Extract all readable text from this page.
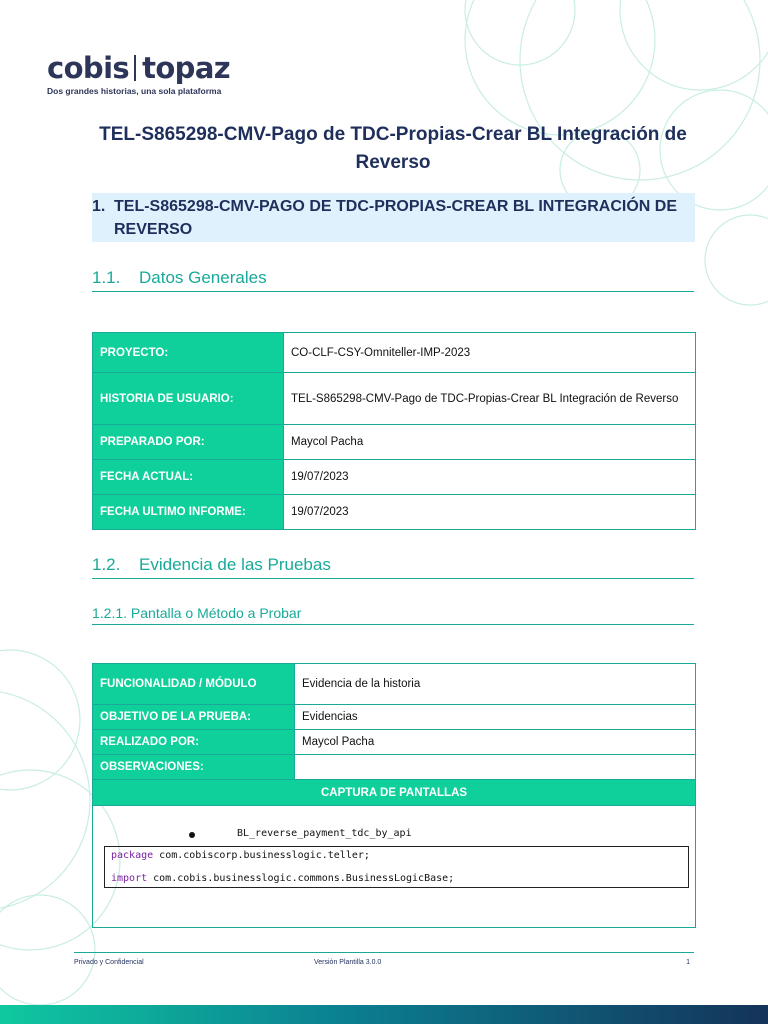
cobis topaz
Dos grandes historias, una sola plataforma
TEL-S865298-CMV-Pago de TDC-Propias-Crear BL Integración de Reverso
1. TEL-S865298-CMV-PAGO DE TDC-PROPIAS-CREAR BL INTEGRACIÓN DE REVERSO
1.1. Datos Generales
PROYECTO:	CO-CLF-CSY-Omniteller-IMP-2023
HISTORIA DE USUARIO:	TEL-S865298-CMV-Pago de TDC-Propias-Crear BL Integración de Reverso
PREPARADO POR:	Maycol Pacha
FECHA ACTUAL:	19/07/2023
FECHA ULTIMO INFORME:	19/07/2023
1.2. Evidencia de las Pruebas
1.2.1. Pantalla o Método a Probar
FUNCIONALIDAD / MÓDULO	Evidencia de la historia
OBJETIVO DE LA PRUEBA:	Evidencias
REALIZADO POR:	Maycol Pacha
OBSERVACIONES:	
CAPTURA DE PANTALLAS	

BL_reverse_payment_tdc_by_api
package com.cobiscorp.businesslogic.teller;
import com.cobis.businesslogic.commons.BusinessLogicBase;	
Privado y Confidencial	Versión Plantilla 3.0.0	1
